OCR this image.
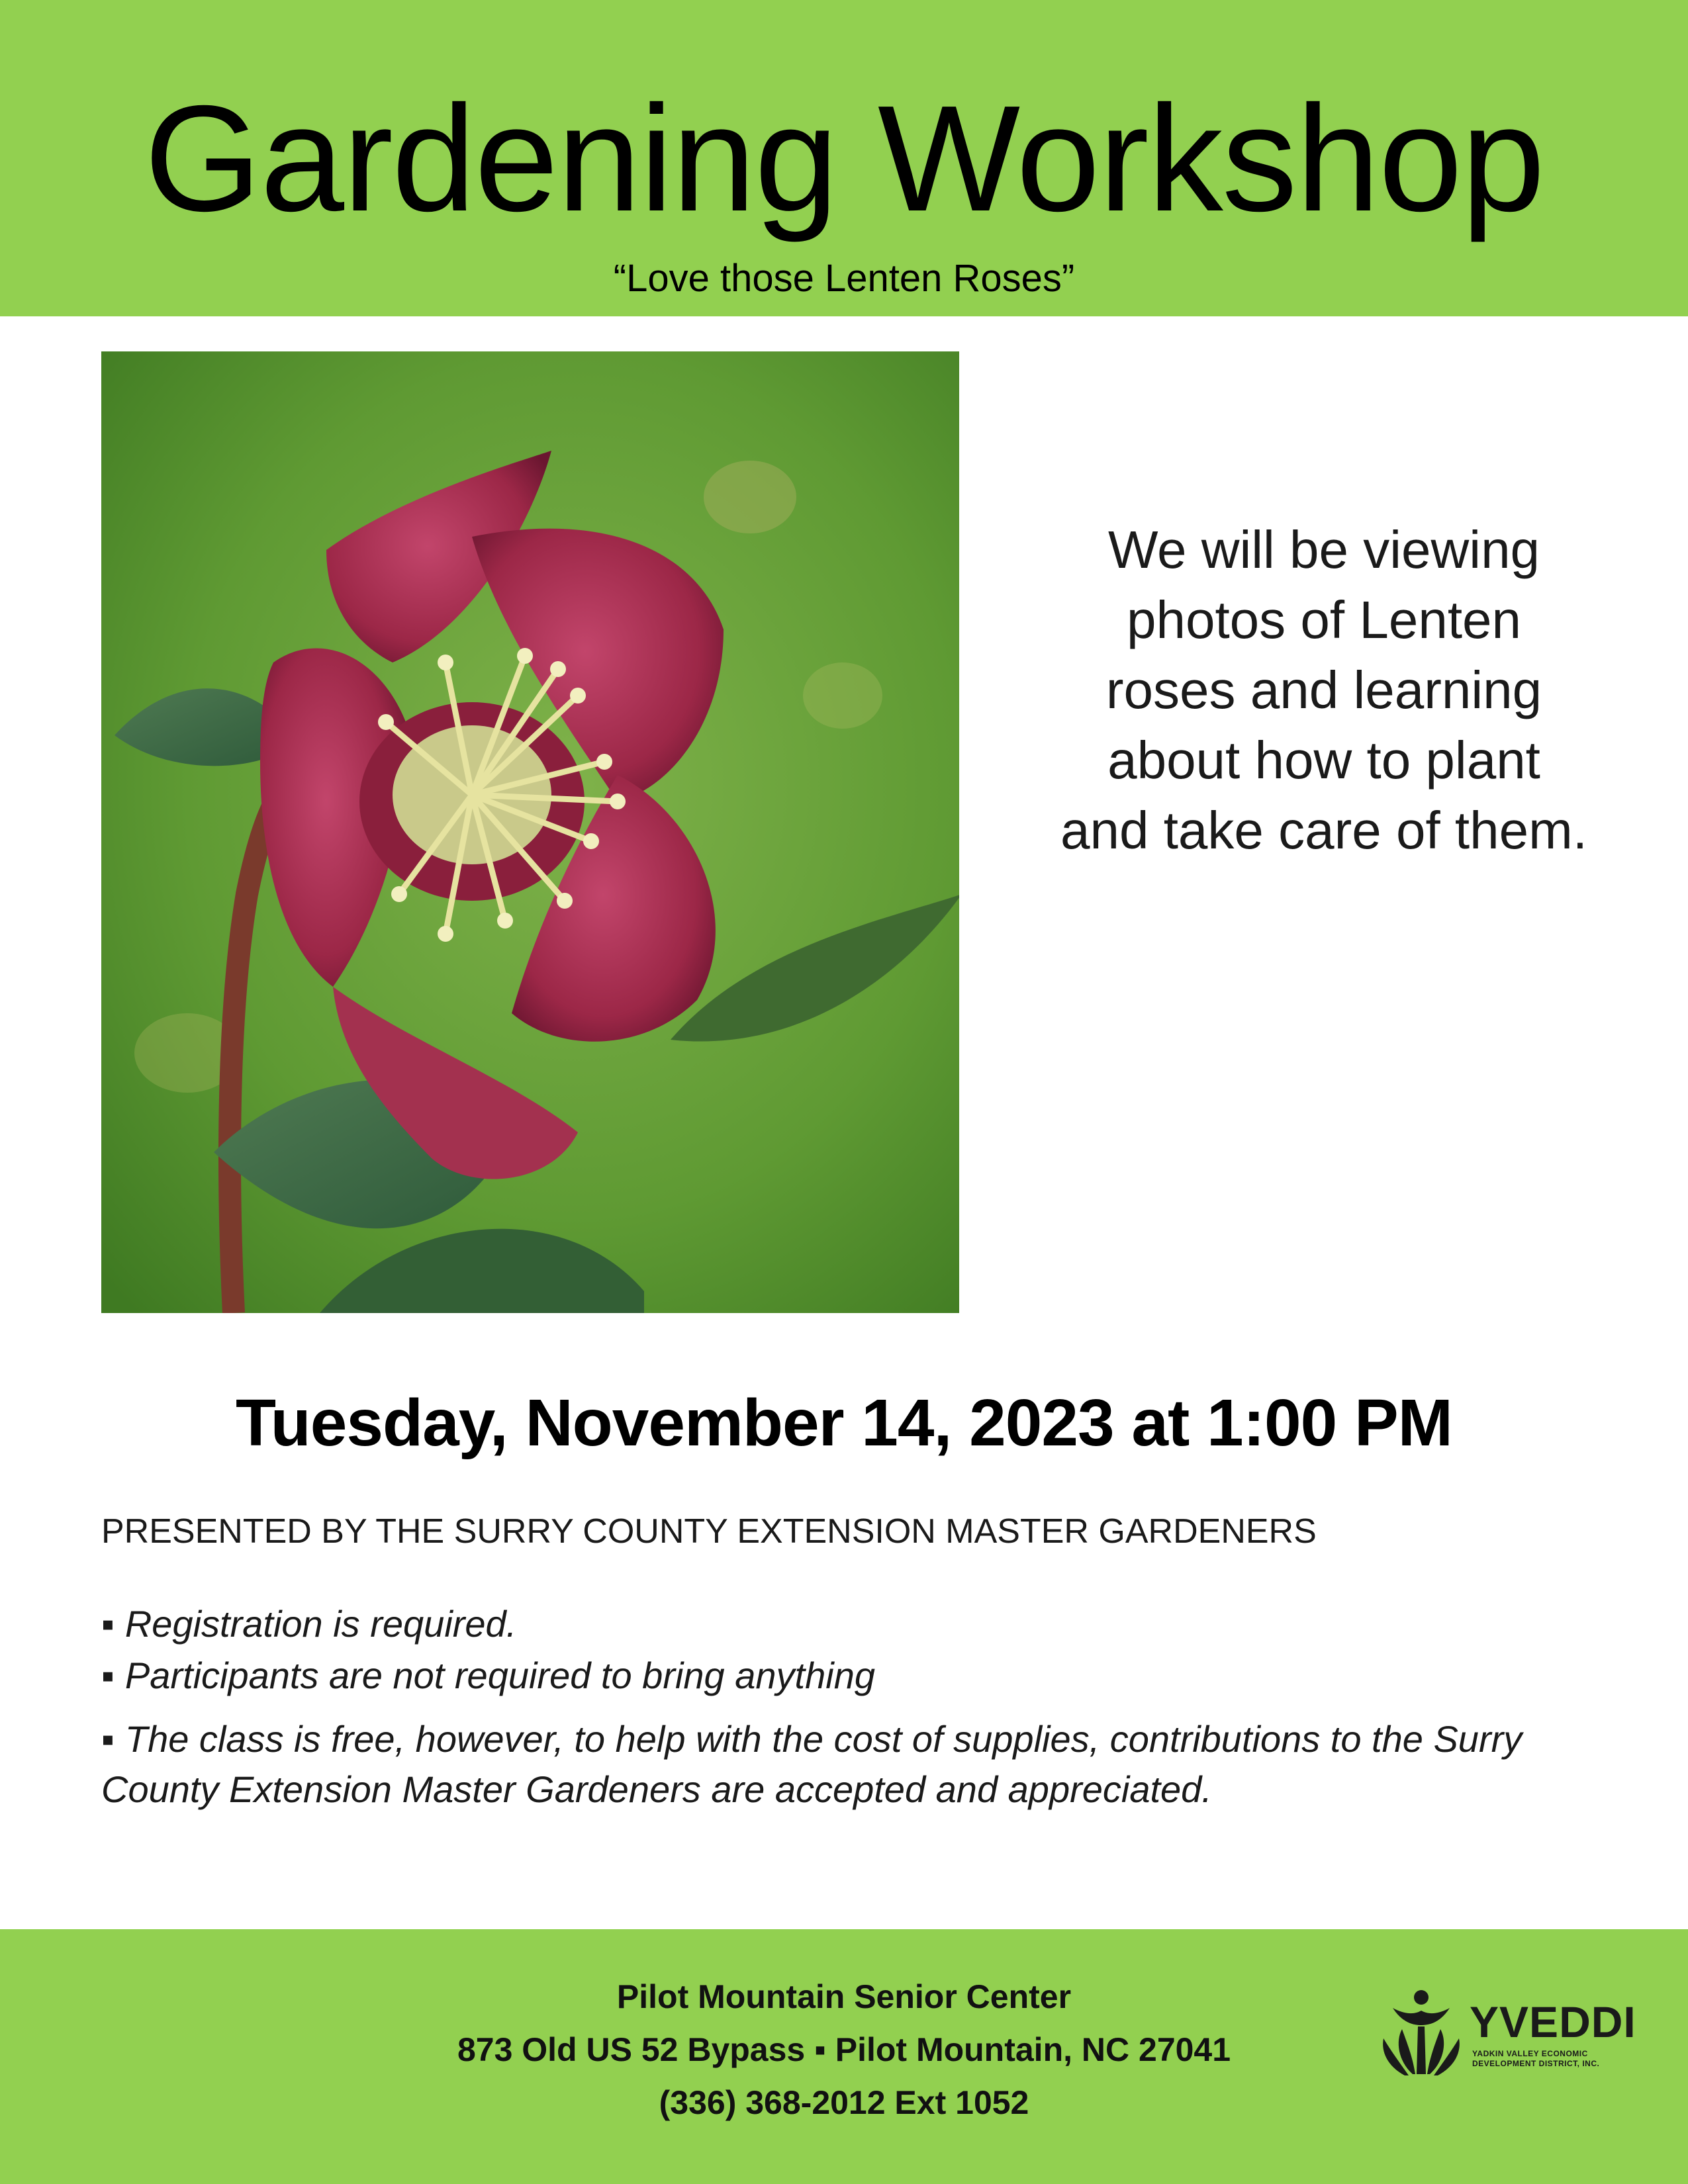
Gardening Workshop
“Love those Lenten Roses”
We will be viewing
photos of Lenten
roses and learning
about how to plant
and take care of them.
Tuesday, November 14, 2023 at 1:00 PM
PRESENTED BY THE SURRY COUNTY EXTENSION MASTER GARDENERS
▪ Registration is required.
▪ Participants are not required to bring anything
▪ The class is free, however, to help with the cost of supplies, contributions to the Surry County Extension Master Gardeners are accepted and appreciated.
Pilot Mountain Senior Center
873 Old US 52 Bypass ▪ Pilot Mountain, NC 27041
(336) 368-2012 Ext 1052
YVEDDI
YADKIN VALLEY ECONOMIC DEVELOPMENT DISTRICT, INC.
